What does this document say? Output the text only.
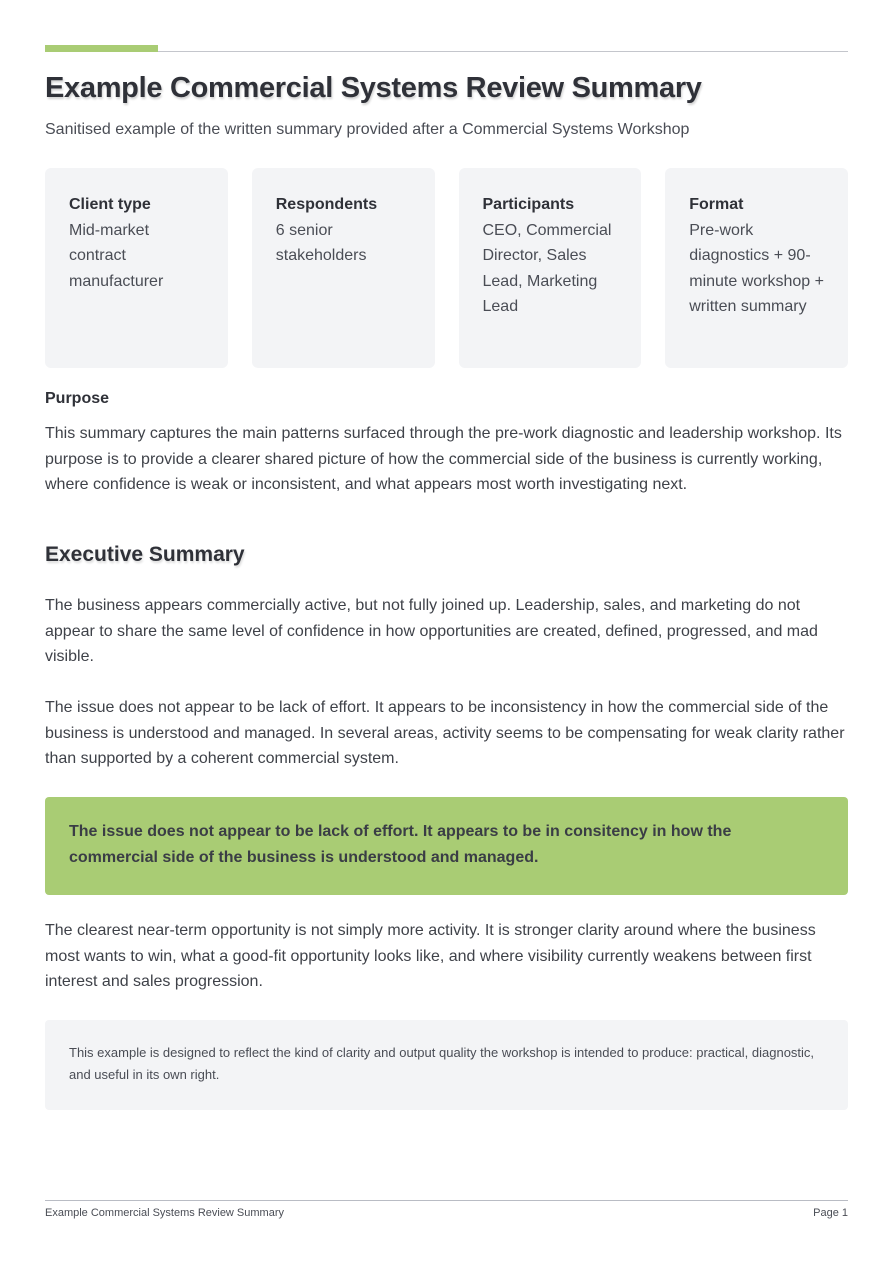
Example Commercial Systems Review Summary
Sanitised example of the written summary provided after a Commercial Systems Workshop
Client type
Mid-market contract manufacturer
Respondents
6 senior stakeholders
Participants
CEO, Commercial Director, Sales Lead, Marketing Lead
Format
Pre-work diagnostics + 90-minute workshop + written summary
Purpose

This summary captures the main patterns surfaced through the pre-work diagnostic and leadership workshop. Its purpose is to provide a clearer shared picture of how the commercial side of the business is currently working, where confidence is weak or inconsistent, and what appears most worth investigating next.

Executive Summary

The business appears commercially active, but not fully joined up. Leadership, sales, and marketing do not appear to share the same level of confidence in how opportunities are created, defined, progressed, and mad visible.

The issue does not appear to be lack of effort. It appears to be inconsistency in how the commercial side of the business is understood and managed. In several areas, activity seems to be compensating for weak clarity rather than supported by a coherent commercial system.

The issue does not appear to be lack of effort. It appears to be in consitency in how the commercial side of the business is understood and managed.

The clearest near-term opportunity is not simply more activity. It is stronger clarity around where the business most wants to win, what a good-fit opportunity looks like, and where visibility currently weakens between first interest and sales progression.

This example is designed to reflect the kind of clarity and output quality the workshop is intended to produce: practical, diagnostic, and useful in its own right.

Example Commercial Systems Review Summary	Page 1
